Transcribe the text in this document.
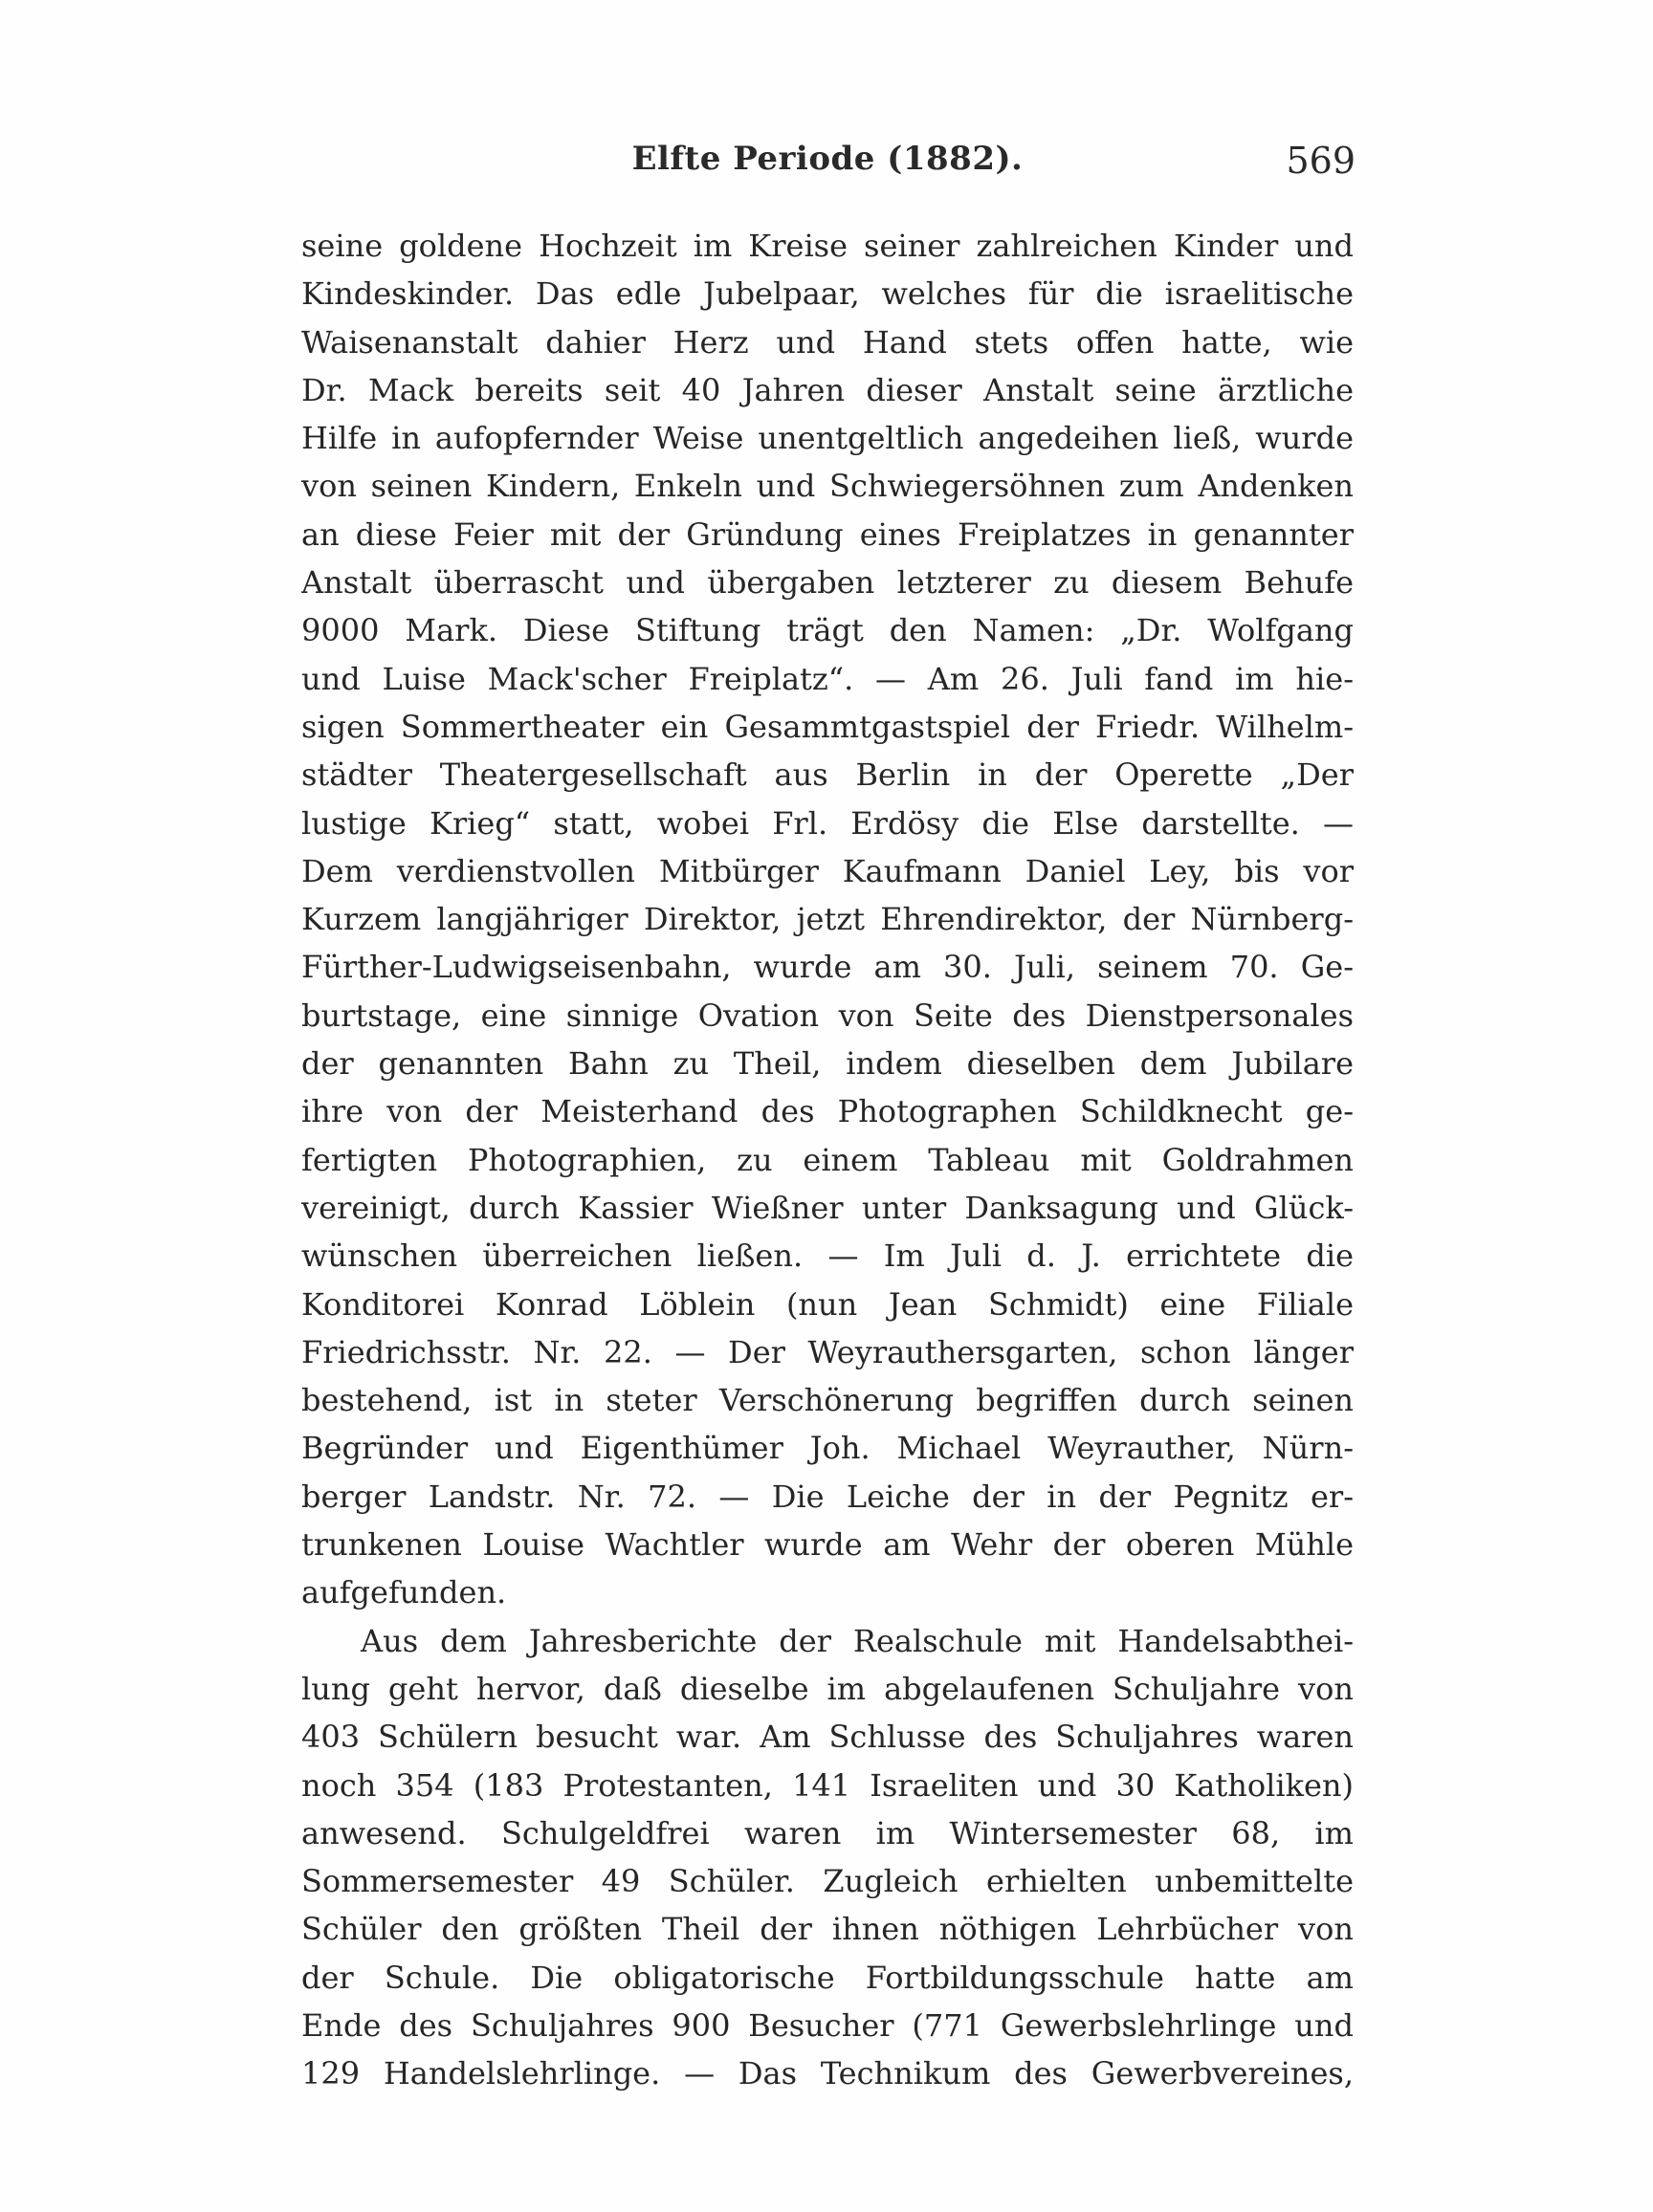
Elfte Periode (1882).	569
seine goldene Hochzeit im Kreise seiner zahlreichen Kinder und
Kindeskinder. Das edle Jubelpaar, welches für die israelitische
Waisenanstalt dahier Herz und Hand stets offen hatte, wie
Dr. Mack bereits seit 40 Jahren dieser Anstalt seine ärztliche
Hilfe in aufopfernder Weise unentgeltlich angedeihen ließ, wurde
von seinen Kindern, Enkeln und Schwiegersöhnen zum Andenken
an diese Feier mit der Gründung eines Freiplatzes in genannter
Anstalt überrascht und übergaben letzterer zu diesem Behufe
9000 Mark. Diese Stiftung trägt den Namen: „Dr. Wolfgang
und Luise Mack'scher Freiplatz“. — Am 26. Juli fand im hie-
sigen Sommertheater ein Gesammtgastspiel der Friedr. Wilhelm-
städter Theatergesellschaft aus Berlin in der Operette „Der
lustige Krieg“ statt, wobei Frl. Erdösy die Else darstellte. —
Dem verdienstvollen Mitbürger Kaufmann Daniel Ley, bis vor
Kurzem langjähriger Direktor, jetzt Ehrendirektor, der Nürnberg-
Fürther-Ludwigseisenbahn, wurde am 30. Juli, seinem 70. Ge-
burtstage, eine sinnige Ovation von Seite des Dienstpersonales
der genannten Bahn zu Theil, indem dieselben dem Jubilare
ihre von der Meisterhand des Photographen Schildknecht ge-
fertigten Photographien, zu einem Tableau mit Goldrahmen
vereinigt, durch Kassier Wießner unter Danksagung und Glück-
wünschen überreichen ließen. — Im Juli d. J. errichtete die
Konditorei Konrad Löblein (nun Jean Schmidt) eine Filiale
Friedrichsstr. Nr. 22. — Der Weyrauthersgarten, schon länger
bestehend, ist in steter Verschönerung begriffen durch seinen
Begründer und Eigenthümer Joh. Michael Weyrauther, Nürn-
berger Landstr. Nr. 72. — Die Leiche der in der Pegnitz er-
trunkenen Louise Wachtler wurde am Wehr der oberen Mühle
aufgefunden.
Aus dem Jahresberichte der Realschule mit Handelsabthei-
lung geht hervor, daß dieselbe im abgelaufenen Schuljahre von
403 Schülern besucht war. Am Schlusse des Schuljahres waren
noch 354 (183 Protestanten, 141 Israeliten und 30 Katholiken)
anwesend. Schulgeldfrei waren im Wintersemester 68, im
Sommersemester 49 Schüler. Zugleich erhielten unbemittelte
Schüler den größten Theil der ihnen nöthigen Lehrbücher von
der Schule. Die obligatorische Fortbildungsschule hatte am
Ende des Schuljahres 900 Besucher (771 Gewerbslehrlinge und
129 Handelslehrlinge. — Das Technikum des Gewerbvereines,
